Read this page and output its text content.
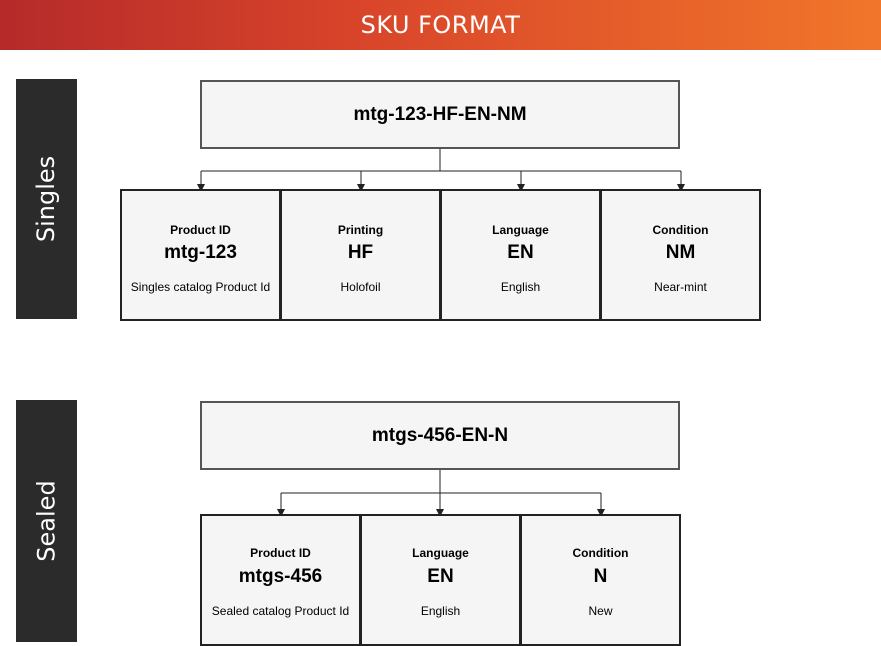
SKU FORMAT
Singles
mtg-123-HF-EN-NM
Product ID
mtg-123
Singles catalog Product Id
Printing
HF
Holofoil
Language
EN
English
Condition
NM
Near-mint
Sealed
mtgs-456-EN-N
Product ID
mtgs-456
Sealed catalog Product Id
Language
EN
English
Condition
N
New
